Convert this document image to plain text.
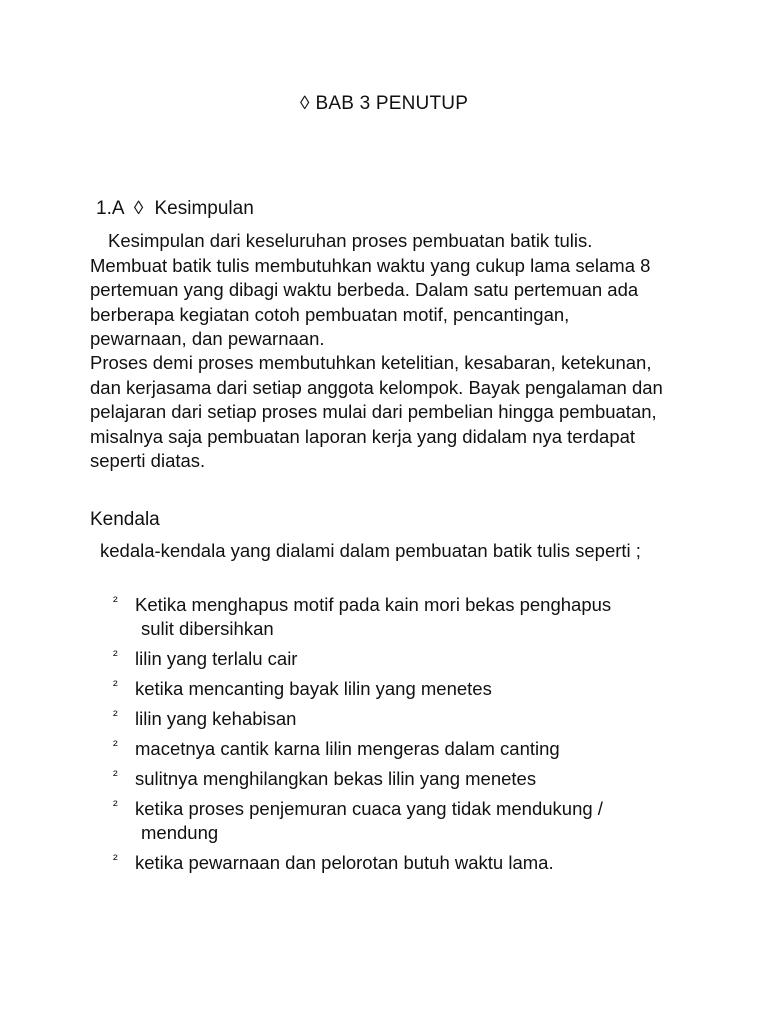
◊ BAB 3 PENUTUP
1.A ◊ Kesimpulan

Kesimpulan dari keseluruhan proses pembuatan batik tulis. Membuat batik tulis membutuhkan waktu yang cukup lama selama 8 pertemuan yang dibagi waktu berbeda. Dalam satu pertemuan ada berberapa kegiatan cotoh pembuatan motif, pencantingan, pewarnaan, dan pewarnaan.

Proses demi proses membutuhkan ketelitian, kesabaran, ketekunan, dan kerjasama dari setiap anggota kelompok. Bayak pengalaman dan pelajaran dari setiap proses mulai dari pembelian hingga pembuatan, misalnya saja pembuatan laporan kerja yang didalam nya terdapat seperti diatas.

Kendala

kedala-kendala yang dialami dalam pembuatan batik tulis seperti ;

² Ketika menghapus motif pada kain mori bekas penghapus
sulit dibersihkan
² lilin yang terlalu cair
² ketika mencanting bayak lilin yang menetes
² lilin yang kehabisan
² macetnya cantik karna lilin mengeras dalam canting
² sulitnya menghilangkan bekas lilin yang menetes
² ketika proses penjemuran cuaca yang tidak mendukung /
mendung
² ketika pewarnaan dan pelorotan butuh waktu lama.
